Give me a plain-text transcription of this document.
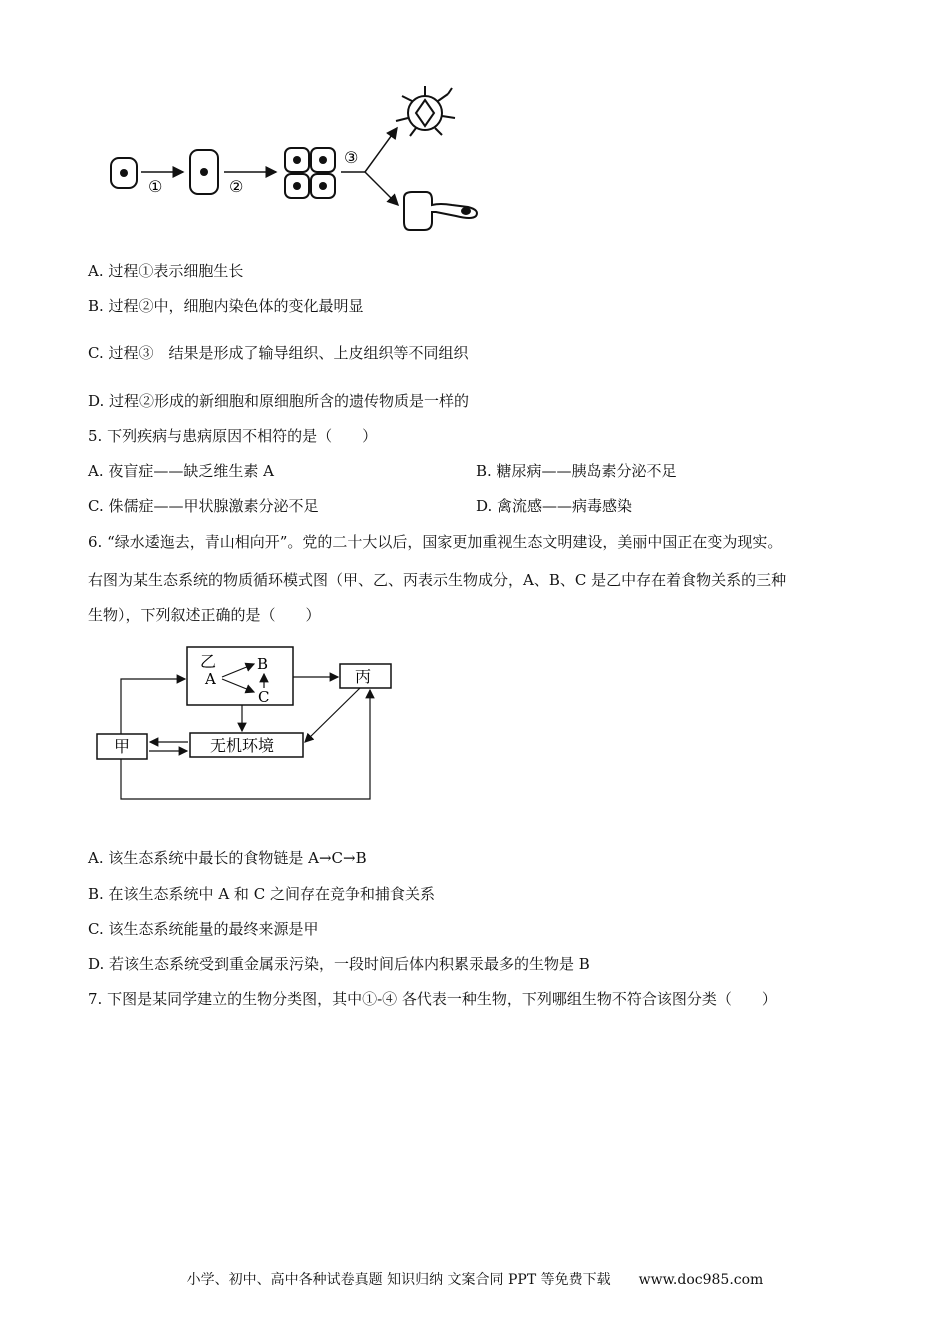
①	②
③
A. 过程①表示细胞生长
B. 过程②中，细胞内染色体的变化最明显
C. 过程③　结果是形成了输导组织、上皮组织等不同组织
D. 过程②形成的新细胞和原细胞所含的遗传物质是一样的
5. 下列疾病与患病原因不相符的是（　　）
A. 夜盲症——缺乏维生素 A	B. 糖尿病——胰岛素分泌不足
C. 侏儒症——甲状腺激素分泌不足	D. 禽流感——病毒感染
6. “绿水逶迤去，青山相向开”。党的二十大以后，国家更加重视生态文明建设，美丽中国正在变为现实。
右图为某生态系统的物质循环模式图（甲、乙、丙表示生物成分，A、B、C 是乙中存在着食物关系的三种
生物），下列叙述正确的是（　　）
乙
A
B
C
丙
甲	无机环境
A. 该生态系统中最长的食物链是 A→C→B
B. 在该生态系统中 A 和 C 之间存在竞争和捕食关系
C. 该生态系统能量的最终来源是甲
D. 若该生态系统受到重金属汞污染，一段时间后体内积累汞最多的生物是 B
7. 下图是某同学建立的生物分类图，其中①-④ 各代表一种生物，下列哪组生物不符合该图分类（　　）
小学、初中、高中各种试卷真题 知识归纳 文案合同 PPT 等免费下载　　www.doc985.com
